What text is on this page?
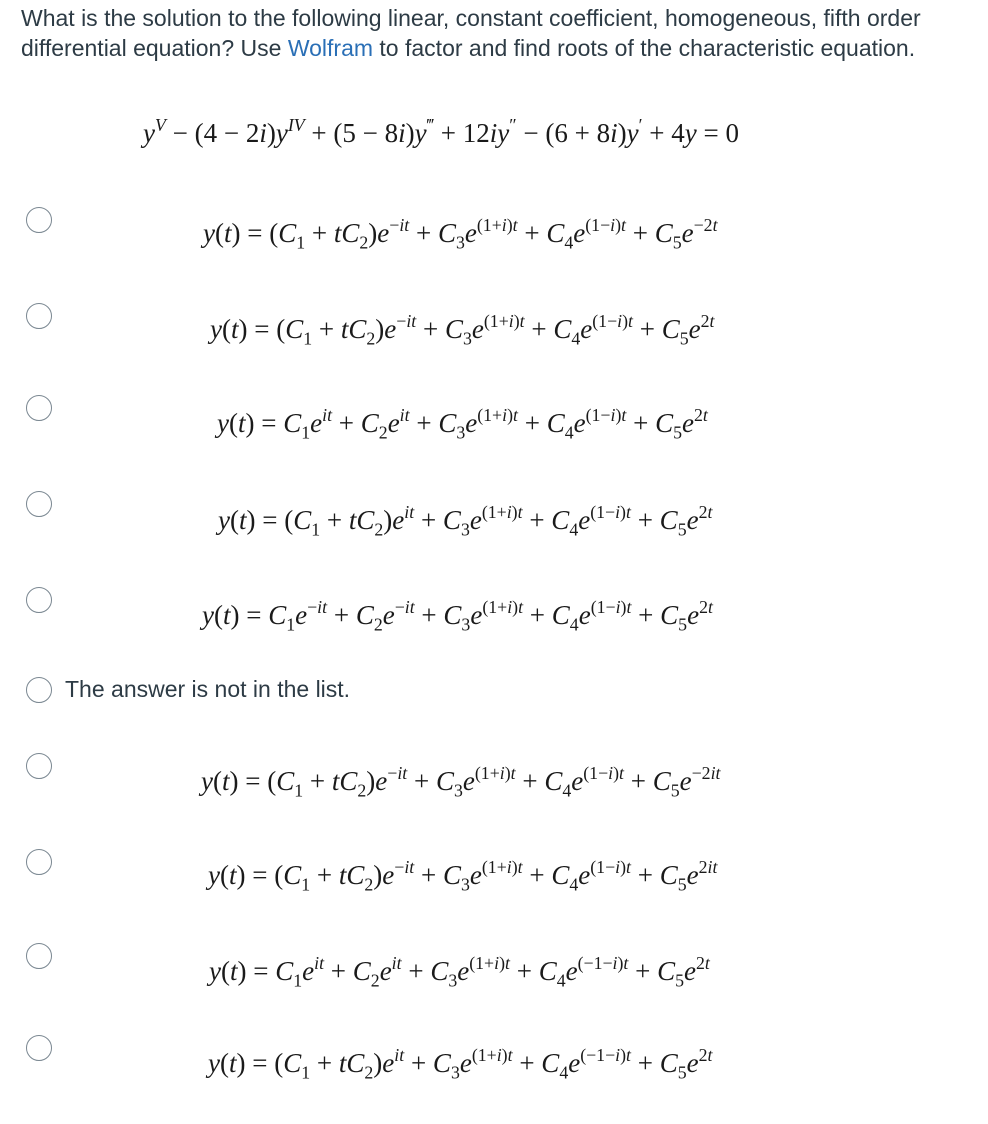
What is the solution to the following linear, constant coefficient, homogeneous, fifth order differential equation? Use Wolfram to factor and find roots of the characteristic equation.
$y^V - (4 - 2i)y^{IV} + (5 - 8i)y^‴ + 12iy'' - (6 + 8i)y' + 4y = 0$
$y(t) = (C_1 + tC_2)e^{-it} + C_3e^{(1+i)t} + C_4e^{(1-i)t} + C_5e^{-2t}$
$y(t) = (C_1 + tC_2)e^{-it} + C_3e^{(1+i)t} + C_4e^{(1-i)t} + C_5e^{2t}$
$y(t) = C_1e^{it} + C_2e^{it} + C_3e^{(1+i)t} + C_4e^{(1-i)t} + C_5e^{2t}$
$y(t) = (C_1 + tC_2)e^{it} + C_3e^{(1+i)t} + C_4e^{(1-i)t} + C_5e^{2t}$
$y(t) = C_1e^{-it} + C_2e^{-it} + C_3e^{(1+i)t} + C_4e^{(1-i)t} + C_5e^{2t}$
The answer is not in the list.
$y(t) = (C_1 + tC_2)e^{-it} + C_3e^{(1+i)t} + C_4e^{(1-i)t} + C_5e^{-2it}$
$y(t) = (C_1 + tC_2)e^{-it} + C_3e^{(1+i)t} + C_4e^{(1-i)t} + C_5e^{2it}$
$y(t) = C_1e^{it} + C_2e^{it} + C_3e^{(1+i)t} + C_4e^{(-1-i)t} + C_5e^{2t}$
$y(t) = (C_1 + tC_2)e^{it} + C_3e^{(1+i)t} + C_4e^{(-1-i)t} + C_5e^{2t}$
